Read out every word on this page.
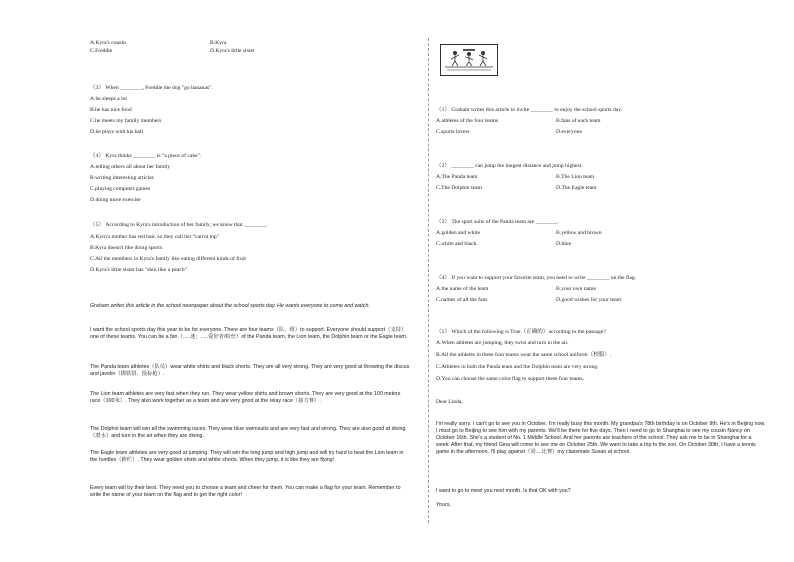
A.Kyra's cousin	B.Kyra
C.Freddie	D.Kyra's little sister
（3） When ________, Freddie the dog "go bananas".
A.he sleeps a lot
B.he has nice food
C.he meets my family members
D.he plays with his ball
（4） Kyra thinks ________ is "a piece of cake".
A.telling others all about her family
B.writing interesting articles
C.playing computer games
D.doing more exercise
（5） According to Kyra's introduction of her family, we know that ________.
A.Kyrn's mother has red hair, so they call her "carrot top"
B.Kyra doesn't like doing sports
C.All the members in Kyra's family like eating different kinds of fruit
D.Kyra's little sister has "skin like a peach"
Graham writes this article in the school newspaper about the school sports day. He wants everyone to come and watch.
I want the school sports day this year to be for everyone. There are four teams（队，组）to support. Everyone should support（支持）one of these teams. You can be a fan（.....迷；.....爱好者/粉丝）of the Panda team, the Lion team, the Dolphin team or the Eagle team.
The Panda team athletes（队员）wear white shirts and black shorts. They are all very strong. They are very good at throwing the discus and javelin（掷铁饼、投标枪）.
The Lion team athletes are very fast when they run. They wear yellow shirts and brown shorts. They are very good at the 100 meters race（100米）. They also work together as a team and are very good at the relay race（接力赛）.
The Dolphin team will win all the swimming races. They wear blue swimsuits and are very fast and strong. They are also good at diving（潜水）and turn in the air when they are diving.
The Eagle team athletes are very good at jumping. They will win the long jump and high jump and will try hard to beat the Lion team in the hurdles（跨栏）. They wear golden shirts and white shorts. When they jump, it is like they are flying!
Every team will try their best. They need you to choose a team and cheer for them. You can make a flag for your team. Remember to write the name of your team on the flag and to get the right color!
（1） Graham writes this article to invite ________ to enjoy the school sports day.
A.athletes of the four teams	B.fans of each team
C.sports lovers	D.everyone
（2） ________ can jump the longest distance and jump highest.
A.The Panda team	B.The Lion team
C.The Dolphin team	D.The Eagle team
（3） The sport suits of the Panda team are ________.
A.golden and white	B.yellow and brown
C.white and black	D.blue
（4） If you want to support your favorite team, you need to write ________ on the flag.
A.the name of the team	B.your own name
C.names of all the fans	D.good wishes for your team
（5） Which of the following is True（正确的）according to the passage?
A.When athletes are jumping, they twist and turn in the air.
B.All the athletes in these four teams wear the same school uniform（校服）.
C.Athletes in both the Panda team and the Dolphin team are very strong.
D.You can choose the same color flag to support these four teams.
Dear Linda,
I'm really sorry. I can't go to see you in October. I'm really busy this month. My grandpa's 78th birthday is on October 9th. He's in Beijing now. I must go to Beijing to see him with my parents. We'll be there for five days. Then I need to go to Shanghai to see my cousin Nancy on October 16th. She's a student of No. 1 Middle School. And her parents are teachers of the school. They ask me to be in Shanghai for a week. After that, my friend Gina will come to see me on October 25th. We want to take a trip to the zoo. On October 30th, I have a tennis game in the afternoon. I'll play against（同....比赛）my classmate Susan at school.
I want to go to meet you next month. Is that OK with you?
Yours,
